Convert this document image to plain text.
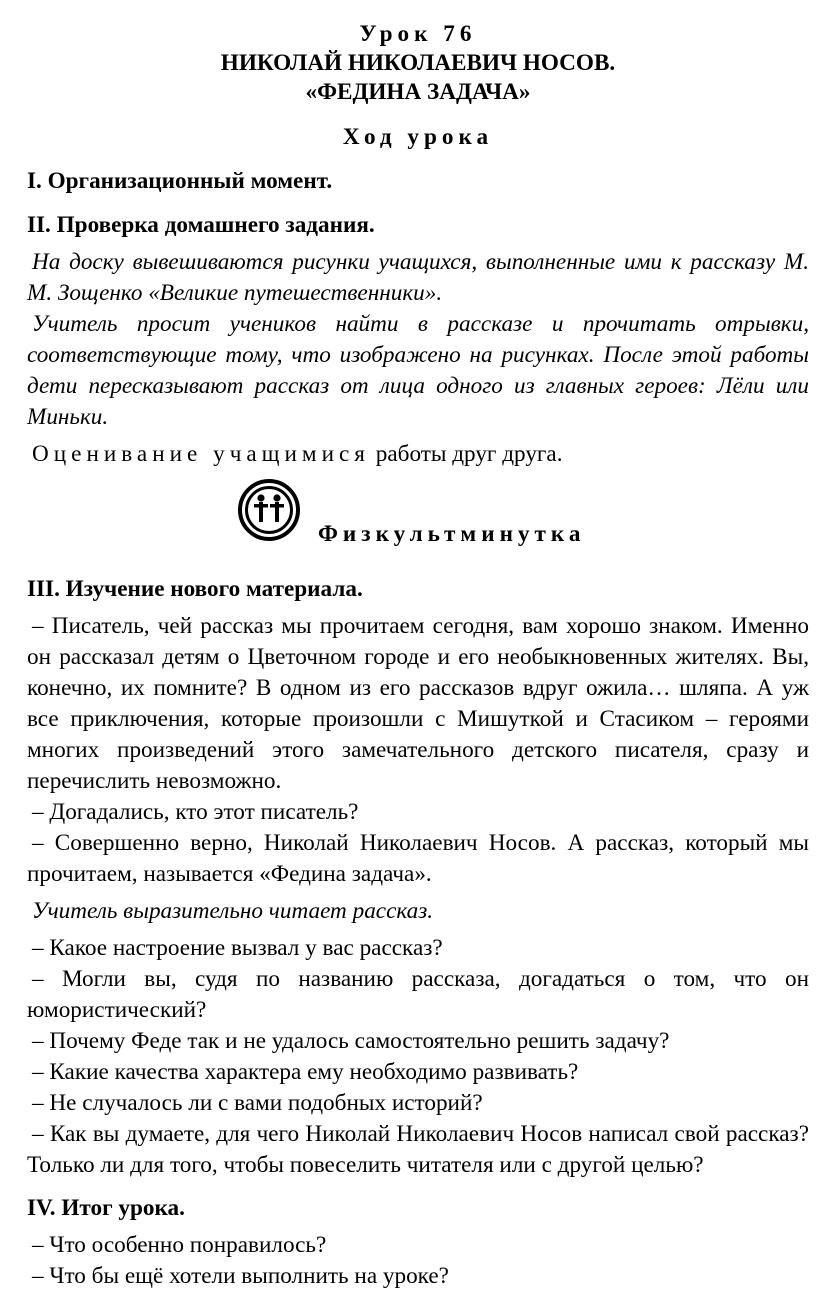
Урок 76

НИКОЛАЙ НИКОЛАЕВИЧ НОСОВ.

«ФЕДИНА ЗАДАЧА»

Ход урока

I. Организационный момент.

II. Проверка домашнего задания.

На доску вывешиваются рисунки учащихся, выполненные ими к рассказу М. М. Зощенко «Великие путешественники».

Учитель просит учеников найти в рассказе и прочитать отрывки, соответствующие тому, что изображено на рисунках. После этой работы дети пересказывают рассказ от лица одного из главных героев: Лёли или Миньки.

Оценивание учащимися работы друг друга.

Физкультминутка

III. Изучение нового материала.

– Писатель, чей рассказ мы прочитаем сегодня, вам хорошо знаком. Именно он рассказал детям о Цветочном городе и его необыкновенных жителях. Вы, конечно, их помните? В одном из его рассказов вдруг ожила… шляпа. А уж все приключения, которые произошли с Мишуткой и Стасиком – героями многих произведений этого замечательного детского писателя, сразу и перечислить невозможно.

– Догадались, кто этот писатель?

– Совершенно верно, Николай Николаевич Носов. А рассказ, который мы прочитаем, называется «Федина задача».

Учитель выразительно читает рассказ.

– Какое настроение вызвал у вас рассказ?

– Могли вы, судя по названию рассказа, догадаться о том, что он юмористический?

– Почему Феде так и не удалось самостоятельно решить задачу?

– Какие качества характера ему необходимо развивать?

– Не случалось ли с вами подобных историй?

– Как вы думаете, для чего Николай Николаевич Носов написал свой рассказ? Только ли для того, чтобы повеселить читателя или с другой целью?

IV. Итог урока.

– Что особенно понравилось?

– Что бы ещё хотели выполнить на уроке?
